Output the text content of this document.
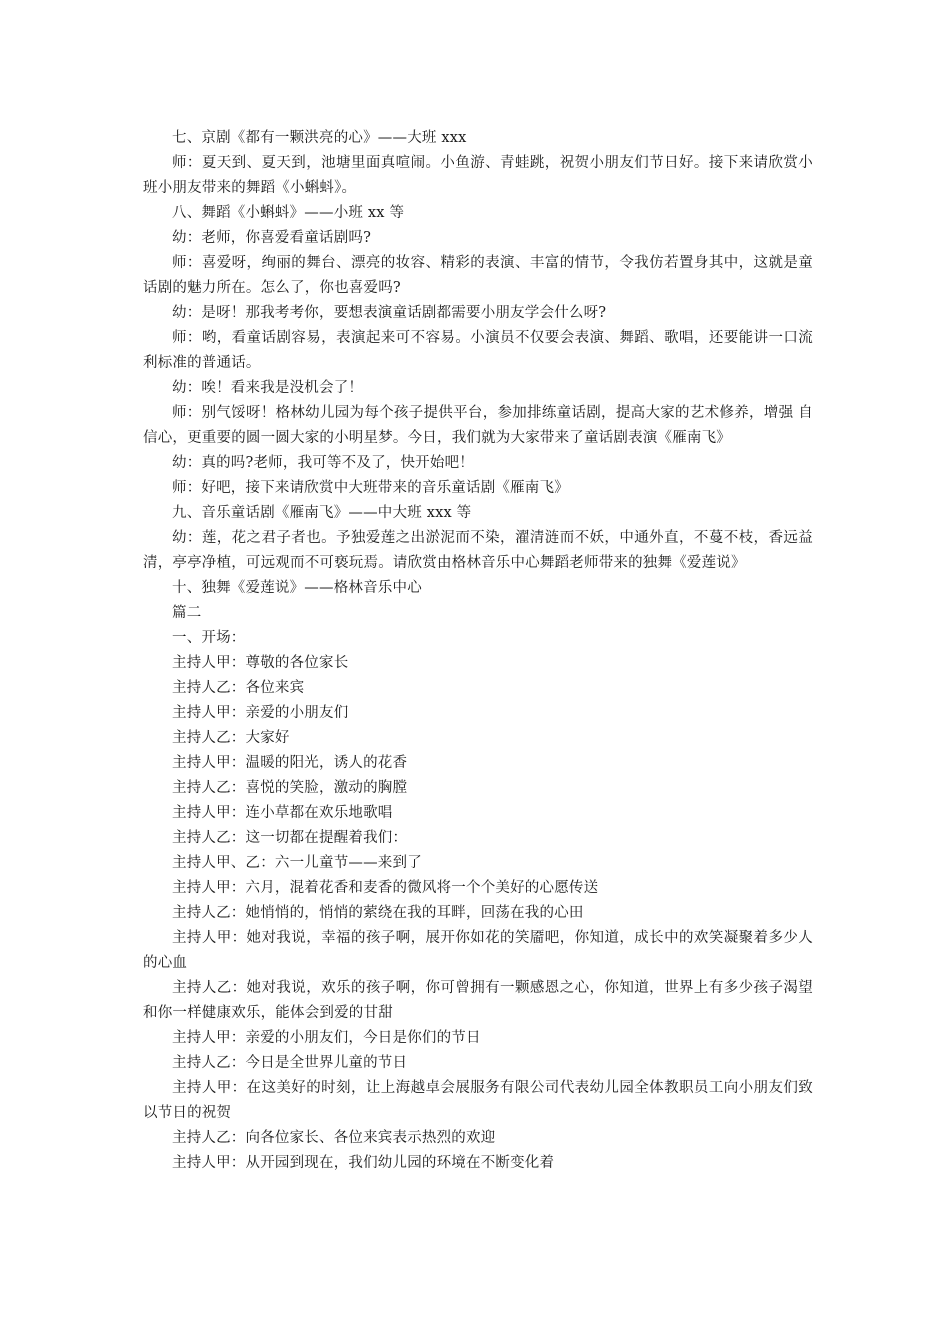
七、京剧《都有一颗洪亮的心》——大班 xxx

师：夏天到、夏天到，池塘里面真喧闹。小鱼游、青蛙跳，祝贺小朋友们节日好。接下来请欣赏小班小朋友带来的舞蹈《小蝌蚪》。

八、舞蹈《小蝌蚪》——小班 xx 等

幼：老师，你喜爱看童话剧吗?

师：喜爱呀，绚丽的舞台、漂亮的妆容、精彩的表演、丰富的情节，令我仿若置身其中，这就是童话剧的魅力所在。怎么了，你也喜爱吗?

幼：是呀！那我考考你，要想表演童话剧都需要小朋友学会什么呀?

师：哟，看童话剧容易，表演起来可不容易。小演员不仅要会表演、舞蹈、歌唱，还要能讲一口流利标准的普通话。

幼：唉！看来我是没机会了！

师：别气馁呀！格林幼儿园为每个孩子提供平台，参加排练童话剧，提高大家的艺术修养，增强 自信心，更重要的圆一圆大家的小明星梦。今日，我们就为大家带来了童话剧表演《雁南飞》

幼：真的吗?老师，我可等不及了，快开始吧！

师：好吧，接下来请欣赏中大班带来的音乐童话剧《雁南飞》

九、音乐童话剧《雁南飞》——中大班 xxx 等

幼：莲，花之君子者也。予独爱莲之出淤泥而不染，濯清涟而不妖，中通外直，不蔓不枝，香远益清，亭亭净植，可远观而不可亵玩焉。请欣赏由格林音乐中心舞蹈老师带来的独舞《爱莲说》

十、独舞《爱莲说》——格林音乐中心

篇二

一、开场：

主持人甲：尊敬的各位家长

主持人乙：各位来宾

主持人甲：亲爱的小朋友们

主持人乙：大家好

主持人甲：温暖的阳光，诱人的花香

主持人乙：喜悦的笑脸，激动的胸膛

主持人甲：连小草都在欢乐地歌唱

主持人乙：这一切都在提醒着我们：

主持人甲、乙：六一儿童节——来到了

主持人甲：六月，混着花香和麦香的微风将一个个美好的心愿传送

主持人乙：她悄悄的，悄悄的萦绕在我的耳畔，回荡在我的心田

主持人甲：她对我说，幸福的孩子啊，展开你如花的笑靥吧，你知道，成长中的欢笑凝聚着多少人的心血

主持人乙：她对我说，欢乐的孩子啊，你可曾拥有一颗感恩之心，你知道，世界上有多少孩子渴望和你一样健康欢乐，能体会到爱的甘甜

主持人甲：亲爱的小朋友们，今日是你们的节日

主持人乙：今日是全世界儿童的节日

主持人甲：在这美好的时刻，让上海越卓会展服务有限公司代表幼儿园全体教职员工向小朋友们致以节日的祝贺

主持人乙：向各位家长、各位来宾表示热烈的欢迎

主持人甲：从开园到现在，我们幼儿园的环境在不断变化着
